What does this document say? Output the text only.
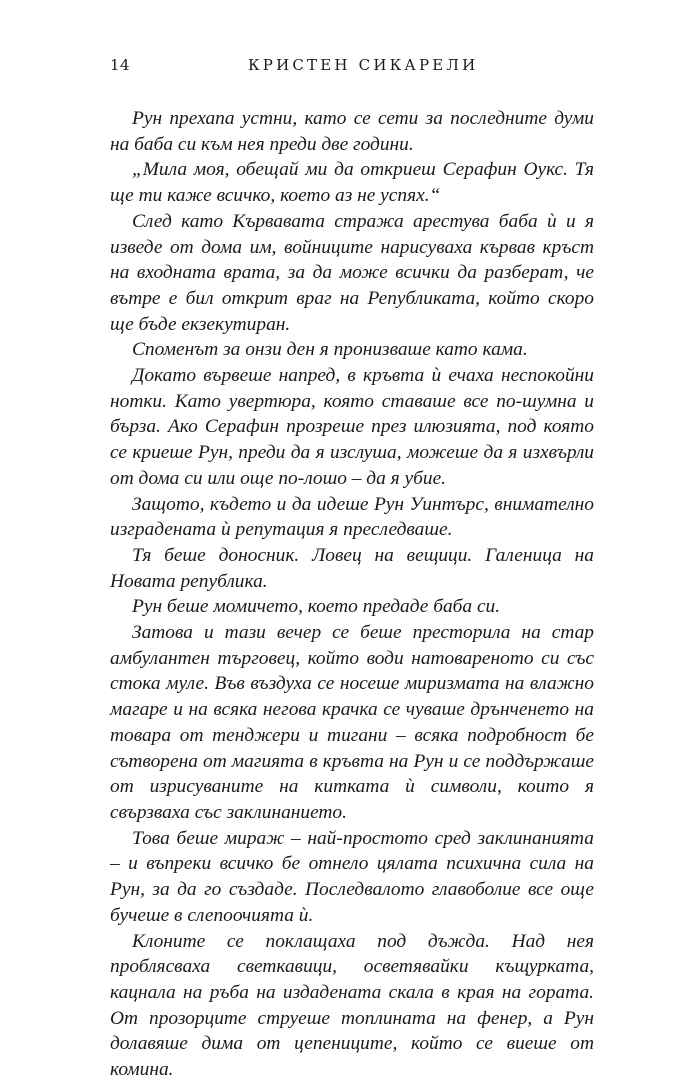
14	КРИСТЕН СИКАРЕЛИ

Рун прехапа устни, като се сети за последните думи на баба си към нея преди две години.

„Мила моя, обещай ми да откриеш Серафин Оукс. Тя ще ти каже всичко, което аз не успях.“

След като Кървавата стража арестува баба ѝ и я изведе от дома им, войниците нарисуваха кървав кръст на входната врата, за да може всички да разберат, че вътре е бил открит враг на Републиката, който скоро ще бъде екзекутиран.

Споменът за онзи ден я пронизваше като кама.

Докато вървеше напред, в кръвта ѝ ечаха неспокойни нотки. Като увертюра, която ставаше все по-шумна и бърза. Ако Серафин прозреше през илюзията, под която се криеше Рун, преди да я изслуша, можеше да я изхвърли от дома си или още по-лошо – да я убие.

Защото, където и да идеше Рун Уинтърс, внимателно изградената ѝ репутация я преследваше.

Тя беше доносник. Ловец на вещици. Галеница на Новата република.

Рун беше момичето, което предаде баба си.

Затова и тази вечер се беше престорила на стар амбулантен търговец, който води натовареното си със стока муле. Във въздуха се носеше миризмата на влажно магаре и на всяка негова крачка се чуваше дрънченето на товара от тенджери и тигани – всяка подробност бе сътворена от магията в кръвта на Рун и се поддържаше от изрисуваните на китката ѝ символи, които я свързваха със заклинанието.

Това беше мираж – най-простото сред заклинанията – и въпреки всичко бе отнело цялата психична сила на Рун, за да го създаде. Последвалото главоболие все още бучеше в слепоочията ѝ.

Клоните се поклащаха под дъжда. Над нея проблясваха светкавици, осветявайки къщурката, кацнала на ръба на издадената скала в края на гората. От прозорците струеше топлината на фенер, а Рун долавяше дима от цепениците, който се виеше от комина.
